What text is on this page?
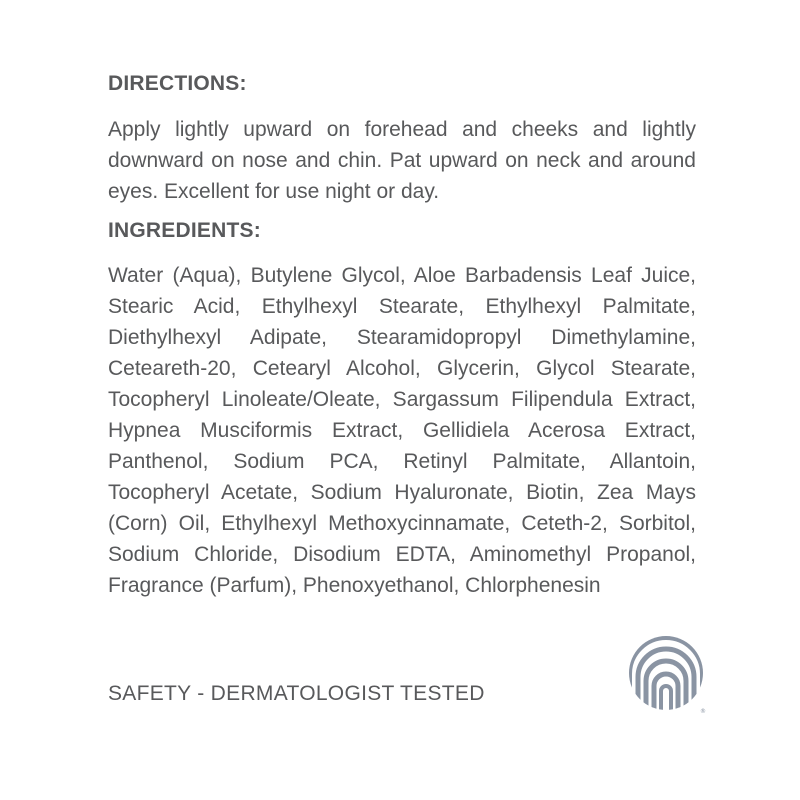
DIRECTIONS:

Apply lightly upward on forehead and cheeks and lightly downward on nose and chin. Pat upward on neck and around eyes. Excellent for use night or day.

INGREDIENTS:

Water (Aqua), Butylene Glycol, Aloe Barbadensis Leaf Juice, Stearic Acid, Ethylhexyl Stearate, Ethylhexyl Palmitate, Diethylhexyl Adipate, Stearamidopropyl Dimethylamine, Ceteareth-20, Cetearyl Alcohol, Glycerin, Glycol Stearate, Tocopheryl Linoleate/Oleate, Sargassum Filipendula Extract, Hypnea Musciformis Extract, Gellidiela Acerosa Extract, Panthenol, Sodium PCA, Retinyl Palmitate, Allantoin, Tocopheryl Acetate, Sodium Hyaluronate, Biotin, Zea Mays (Corn) Oil, Ethylhexyl Methoxycinnamate, Ceteth-2, Sorbitol, Sodium Chloride, Disodium EDTA, Aminomethyl Propanol, Fragrance (Parfum), Phenoxyethanol, Chlorphenesin

SAFETY - DERMATOLOGIST TESTED
®
